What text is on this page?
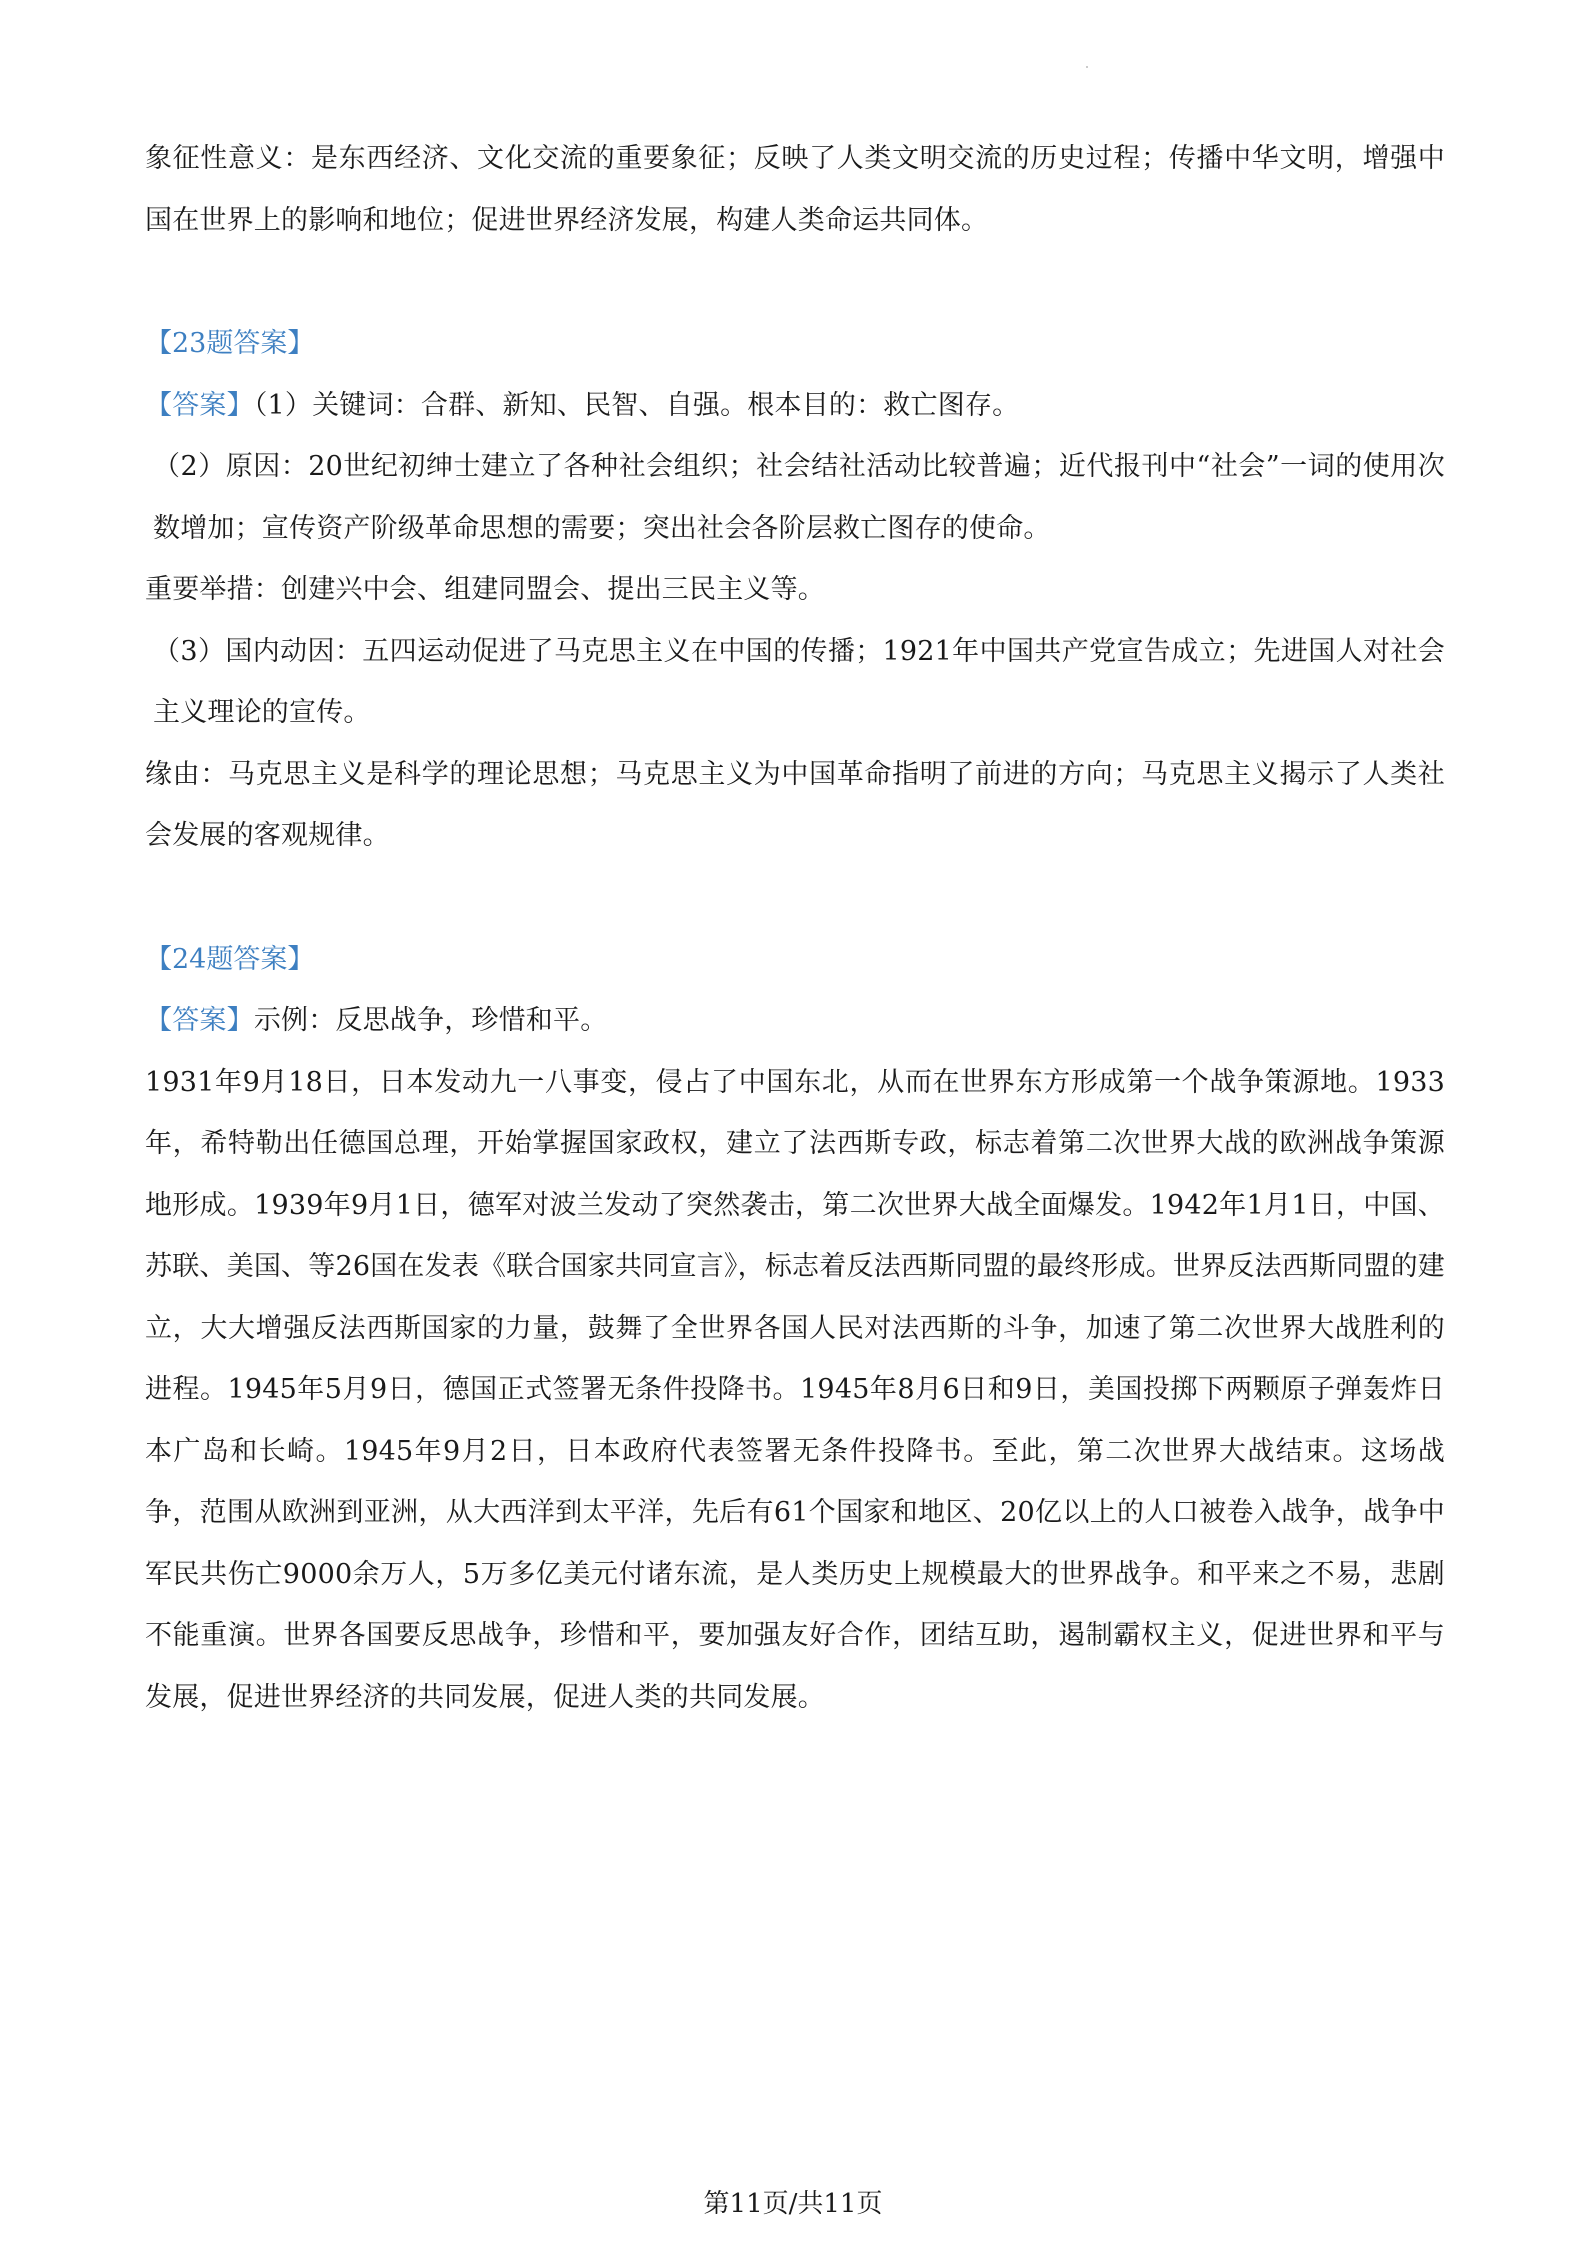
象征性意义：是东西经济、文化交流的重要象征；反映了人类文明交流的历史过程；传播中华文明，增强中国在世界上的影响和地位；促进世界经济发展，构建人类命运共同体。

【23题答案】

【答案】（1）关键词：合群、新知、民智、自强。根本目的：救亡图存。

（2）原因：20世纪初绅士建立了各种社会组织；社会结社活动比较普遍；近代报刊中“社会”一词的使用次数增加；宣传资产阶级革命思想的需要；突出社会各阶层救亡图存的使命。

重要举措：创建兴中会、组建同盟会、提出三民主义等。

（3）国内动因：五四运动促进了马克思主义在中国的传播；1921年中国共产党宣告成立；先进国人对社会主义理论的宣传。

缘由：马克思主义是科学的理论思想；马克思主义为中国革命指明了前进的方向；马克思主义揭示了人类社会发展的客观规律。

【24题答案】

【答案】示例：反思战争，珍惜和平。

1931年9月18日，日本发动九一八事变，侵占了中国东北，从而在世界东方形成第一个战争策源地。1933年，希特勒出任德国总理，开始掌握国家政权，建立了法西斯专政，标志着第二次世界大战的欧洲战争策源地形成。1939年9月1日，德军对波兰发动了突然袭击，第二次世界大战全面爆发。1942年1月1日，中国、苏联、美国、等26国在发表《联合国家共同宣言》，标志着反法西斯同盟的最终形成。世界反法西斯同盟的建立，大大增强反法西斯国家的力量，鼓舞了全世界各国人民对法西斯的斗争，加速了第二次世界大战胜利的进程。1945年5月9日，德国正式签署无条件投降书。1945年8月6日和9日，美国投掷下两颗原子弹轰炸日本广岛和长崎。1945年9月2日，日本政府代表签署无条件投降书。至此，第二次世界大战结束。这场战争，范围从欧洲到亚洲，从大西洋到太平洋，先后有61个国家和地区、20亿以上的人口被卷入战争，战争中军民共伤亡9000余万人，5万多亿美元付诸东流，是人类历史上规模最大的世界战争。和平来之不易，悲剧不能重演。世界各国要反思战争，珍惜和平，要加强友好合作，团结互助，遏制霸权主义，促进世界和平与发展，促进世界经济的共同发展，促进人类的共同发展。

第11页/共11页
